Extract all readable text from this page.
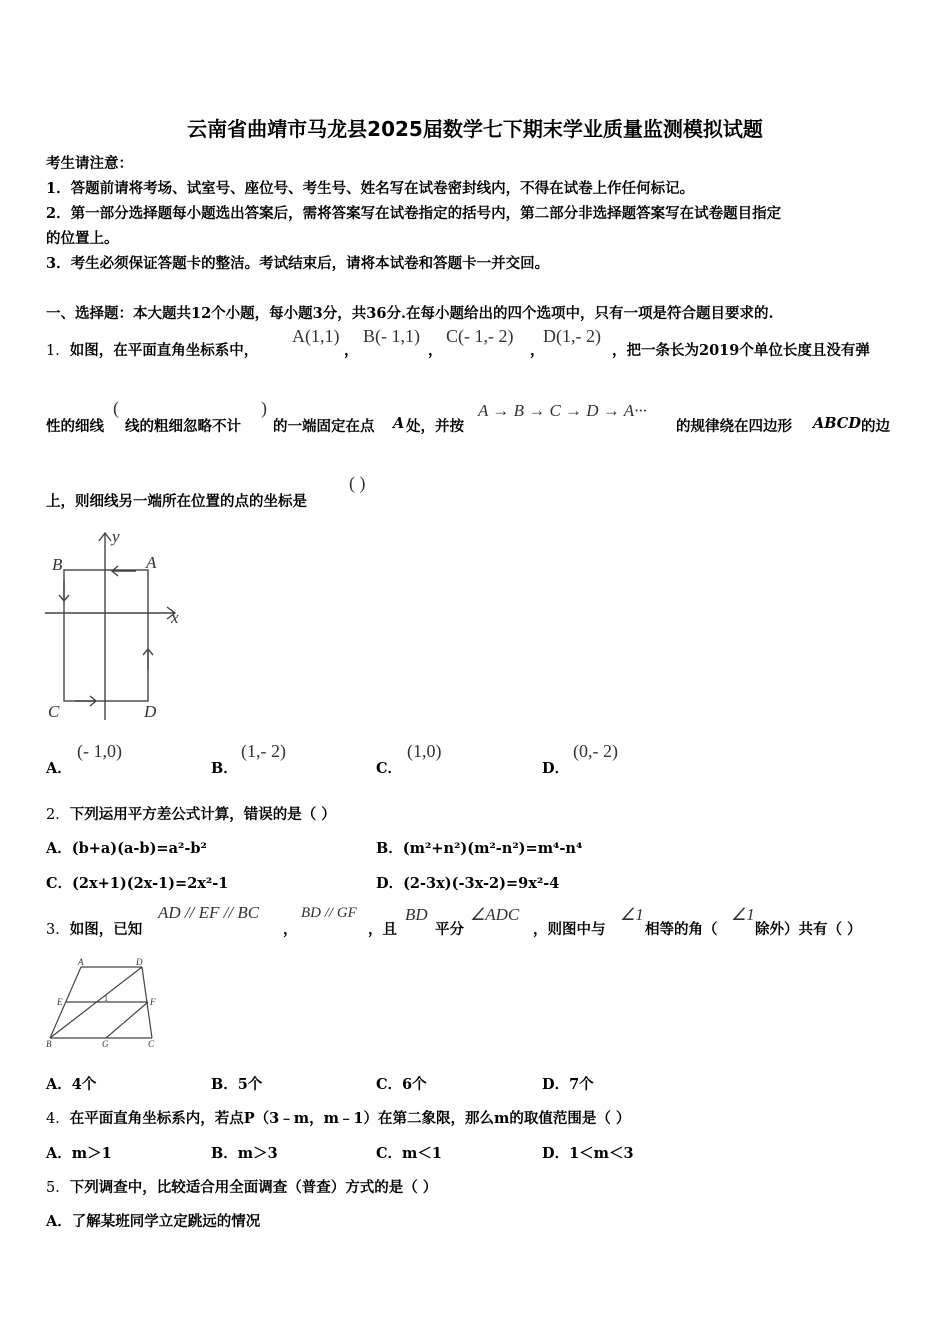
云南省曲靖市马龙县2025届数学七下期末学业质量监测模拟试题
考生请注意：
1．答题前请将考场、试室号、座位号、考生号、姓名写在试卷密封线内，不得在试卷上作任何标记。
2．第一部分选择题每小题选出答案后，需将答案写在试卷指定的括号内，第二部分非选择题答案写在试卷题目指定
的位置上。
3．考生必须保证答题卡的整洁。考试结束后，请将本试卷和答题卡一并交回。
一、选择题：本大题共12个小题，每小题3分，共36分.在每小题给出的四个选项中，只有一项是符合题目要求的.
1．如图，在平面直角坐标系中，
A(1,1)
，
B(- 1,1)
，
C(- 1,- 2)
，
D(1,- 2)
，把一条长为2019个单位长度且没有弹
性的细线
(
线的粗细忽略不计
)
的一端固定在点 A 处，并按
A → B → C → D → A···
的规律绕在四边形 ABCD 的边
上，则细线另一端所在位置的点的坐标是
( )
y
x
A
B
C	D
A．
(- 1,0)
B．
(1,- 2)
C．
(1,0)
D．
(0,- 2)
2．下列运用平方差公式计算，错误的是（ ）
A．(b+a)(a-b)=a²-b²	B．(m²+n²)(m²-n²)=m⁴-n⁴
C．(2x+1)(2x-1)=2x²-1	D．(2-3x)(-3x-2)=9x²-4
3．如图，已知
AD // EF // BC
，
BD // GF
，且
BD
平分
∠ADC
，则图中与
∠1
相等的角（
∠1
除外）共有（ ）
A	D
E	F
B	G	C
1
A．4个	B．5个	C．6个	D．7个
4．在平面直角坐标系内，若点P（3﹣m，m﹣1）在第二象限，那么m的取值范围是（ ）
A．m＞1	B．m＞3	C．m＜1	D．1＜m＜3
5．下列调查中，比较适合用全面调查（普查）方式的是（ ）
A．了解某班同学立定跳远的情况
